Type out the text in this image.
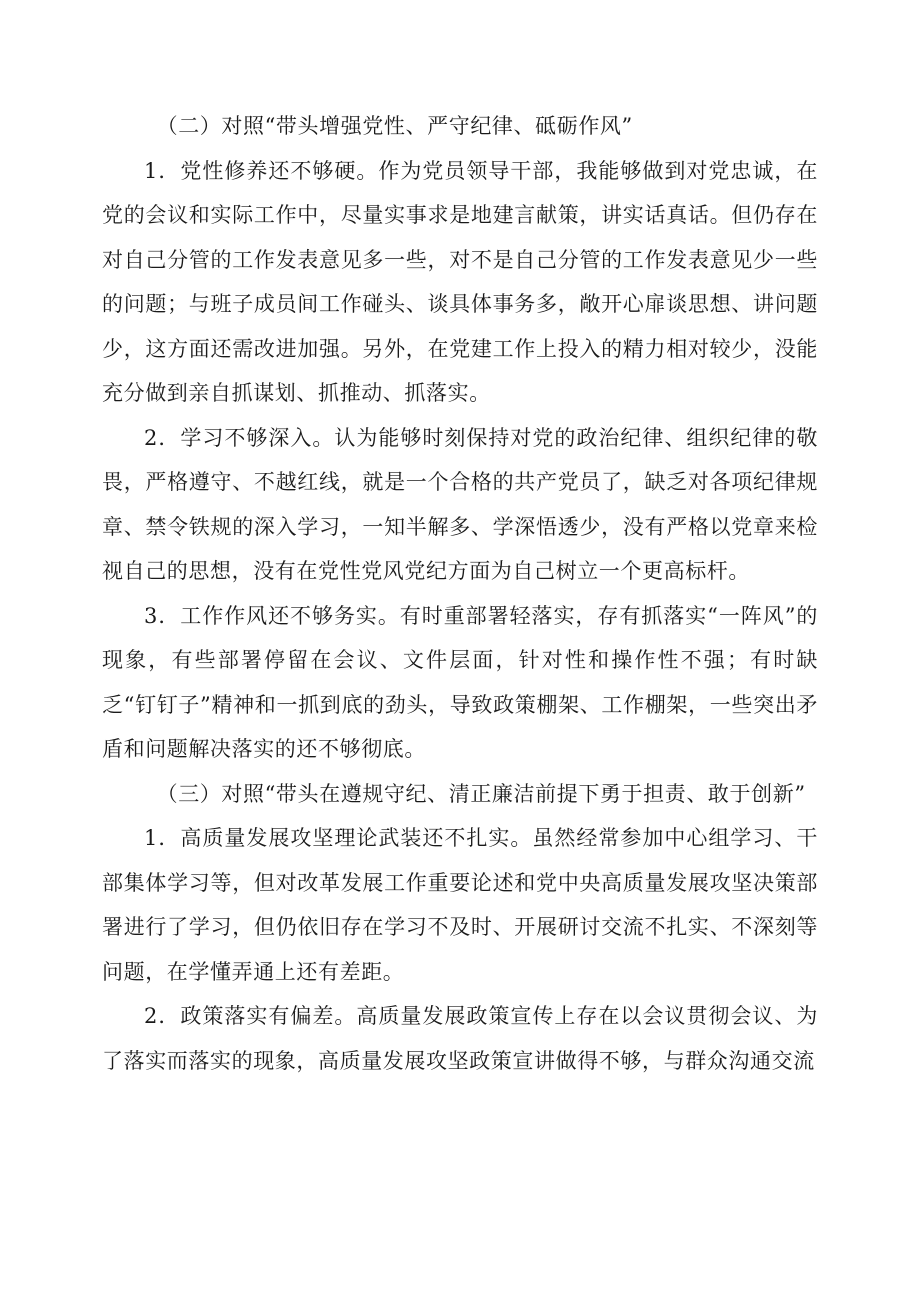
（二）对照“带头增强党性、严守纪律、砥砺作风”

1．党性修养还不够硬。作为党员领导干部，我能够做到对党忠诚，在党的会议和实际工作中，尽量实事求是地建言献策，讲实话真话。但仍存在对自己分管的工作发表意见多一些，对不是自己分管的工作发表意见少一些的问题；与班子成员间工作碰头、谈具体事务多，敞开心扉谈思想、讲问题少，这方面还需改进加强。另外，在党建工作上投入的精力相对较少，没能充分做到亲自抓谋划、抓推动、抓落实。

2．学习不够深入。认为能够时刻保持对党的政治纪律、组织纪律的敬畏，严格遵守、不越红线，就是一个合格的共产党员了，缺乏对各项纪律规章、禁令铁规的深入学习，一知半解多、学深悟透少，没有严格以党章来检视自己的思想，没有在党性党风党纪方面为自己树立一个更高标杆。

3．工作作风还不够务实。有时重部署轻落实，存有抓落实“一阵风”的现象，有些部署停留在会议、文件层面，针对性和操作性不强；有时缺乏“钉钉子”精神和一抓到底的劲头，导致政策棚架、工作棚架，一些突出矛盾和问题解决落实的还不够彻底。

（三）对照“带头在遵规守纪、清正廉洁前提下勇于担责、敢于创新”

1．高质量发展攻坚理论武装还不扎实。虽然经常参加中心组学习、干部集体学习等，但对改革发展工作重要论述和党中央高质量发展攻坚决策部署进行了学习，但仍依旧存在学习不及时、开展研讨交流不扎实、不深刻等问题，在学懂弄通上还有差距。

2．政策落实有偏差。高质量发展政策宣传上存在以会议贯彻会议、为了落实而落实的现象，高质量发展攻坚政策宣讲做得不够，与群众沟通交流
